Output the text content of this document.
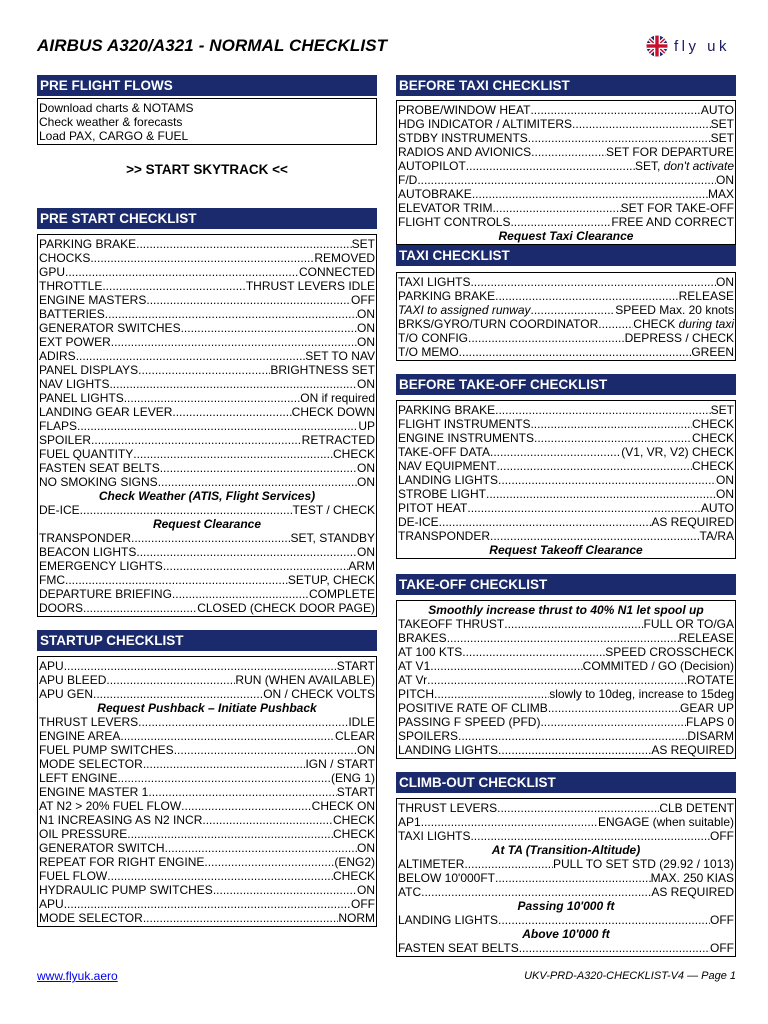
AIRBUS A320/A321 - NORMAL CHECKLIST	fly uk
PRE FLIGHT FLOWS
Download charts & NOTAMS
Check weather & forecasts
Load PAX, CARGO & FUEL
>> START SKYTRACK <<
PRE START CHECKLIST
PARKING BRAKE .....	SET
CHOCKS .....	REMOVED
GPU .....	CONNECTED
THROTTLE .....	THRUST LEVERS IDLE
ENGINE MASTERS .....	OFF
BATTERIES .....	ON
GENERATOR SWITCHES .....	ON
EXT POWER .....	ON
ADIRS .....	SET TO NAV
PANEL DISPLAYS .....	BRIGHTNESS SET
NAV LIGHTS .....	ON
PANEL LIGHTS .....	ON if required
LANDING GEAR LEVER .....	CHECK DOWN
FLAPS .....	UP
SPOILER .....	RETRACTED
FUEL QUANTITY .....	CHECK
FASTEN SEAT BELTS .....	ON
NO SMOKING SIGNS .....	ON
Check Weather (ATIS, Flight Services)
DE-ICE .....	TEST / CHECK
Request Clearance
TRANSPONDER .....	SET, STANDBY
BEACON LIGHTS .....	ON
EMERGENCY LIGHTS .....	ARM
FMC .....	SETUP, CHECK
DEPARTURE BRIEFING .....	COMPLETE
DOORS .....	CLOSED (CHECK DOOR PAGE)
STARTUP CHECKLIST
APU .....	START
APU BLEED .....	RUN (WHEN AVAILABLE)
APU GEN .....	ON / CHECK VOLTS
Request Pushback – Initiate Pushback
THRUST LEVERS .....	IDLE
ENGINE AREA .....	CLEAR
FUEL PUMP SWITCHES .....	ON
MODE SELECTOR .....	IGN / START
LEFT ENGINE .....	(ENG 1)
ENGINE MASTER 1 .....	START
AT N2 > 20% FUEL FLOW .....	CHECK ON
N1 INCREASING AS N2 INCR. .....	CHECK
OIL PRESSURE .....	CHECK
GENERATOR SWITCH .....	ON
REPEAT FOR RIGHT ENGINE .....	(ENG2)
FUEL FLOW .....	CHECK
HYDRAULIC PUMP SWITCHES .....	ON
APU .....	OFF
MODE SELECTOR .....	NORM
BEFORE TAXI CHECKLIST
PROBE/WINDOW HEAT .....	AUTO
HDG INDICATOR / ALTIMITERS .....	SET
STDBY INSTRUMENTS .....	SET
RADIOS AND AVIONICS .....	SET FOR DEPARTURE
AUTOPILOT .....	SET, don't activate
F/D .....	ON
AUTOBRAKE .....	MAX
ELEVATOR TRIM .....	SET FOR TAKE-OFF
FLIGHT CONTROLS .....	FREE AND CORRECT
Request Taxi Clearance
TAXI CHECKLIST
TAXI LIGHTS .....	ON
PARKING BRAKE .....	RELEASE
TAXI to assigned runway .....	SPEED Max. 20 knots
BRKS/GYRO/TURN COORDINATOR .....	CHECK during taxi
T/O CONFIG .....	DEPRESS / CHECK
T/O MEMO .....	GREEN
BEFORE TAKE-OFF CHECKLIST
PARKING BRAKE .....	SET
FLIGHT INSTRUMENTS .....	CHECK
ENGINE INSTRUMENTS .....	CHECK
TAKE-OFF DATA .....	(V1, VR, V2) CHECK
NAV EQUIPMENT .....	CHECK
LANDING LIGHTS .....	ON
STROBE LIGHT .....	ON
PITOT HEAT .....	AUTO
DE-ICE .....	AS REQUIRED
TRANSPONDER .....	TA/RA
Request Takeoff Clearance
TAKE-OFF CHECKLIST
Smoothly increase thrust to 40% N1 let spool up
TAKEOFF THRUST .....	FULL OR TO/GA
BRAKES .....	RELEASE
AT 100 KTS .....	SPEED CROSSCHECK
AT V1 .....	COMMITED / GO (Decision)
AT Vr .....	ROTATE
PITCH .....	slowly to 10deg, increase to 15deg
POSITIVE RATE OF CLIMB .....	GEAR UP
PASSING F SPEED (PFD) .....	FLAPS 0
SPOILERS .....	DISARM
LANDING LIGHTS .....	AS REQUIRED
CLIMB-OUT CHECKLIST
THRUST LEVERS .....	CLB DETENT
AP1 .....	ENGAGE (when suitable)
TAXI LIGHTS .....	OFF
At TA (Transition-Altitude)
ALTIMETER .....	PULL TO SET STD (29.92 / 1013)
BELOW 10'000FT .....	MAX. 250 KIAS
ATC .....	AS REQUIRED
Passing 10'000 ft
LANDING LIGHTS .....	OFF
Above 10'000 ft
FASTEN SEAT BELTS .....	OFF
www.flyuk.aero	UKV-PRD-A320-CHECKLIST-V4 — Page 1
